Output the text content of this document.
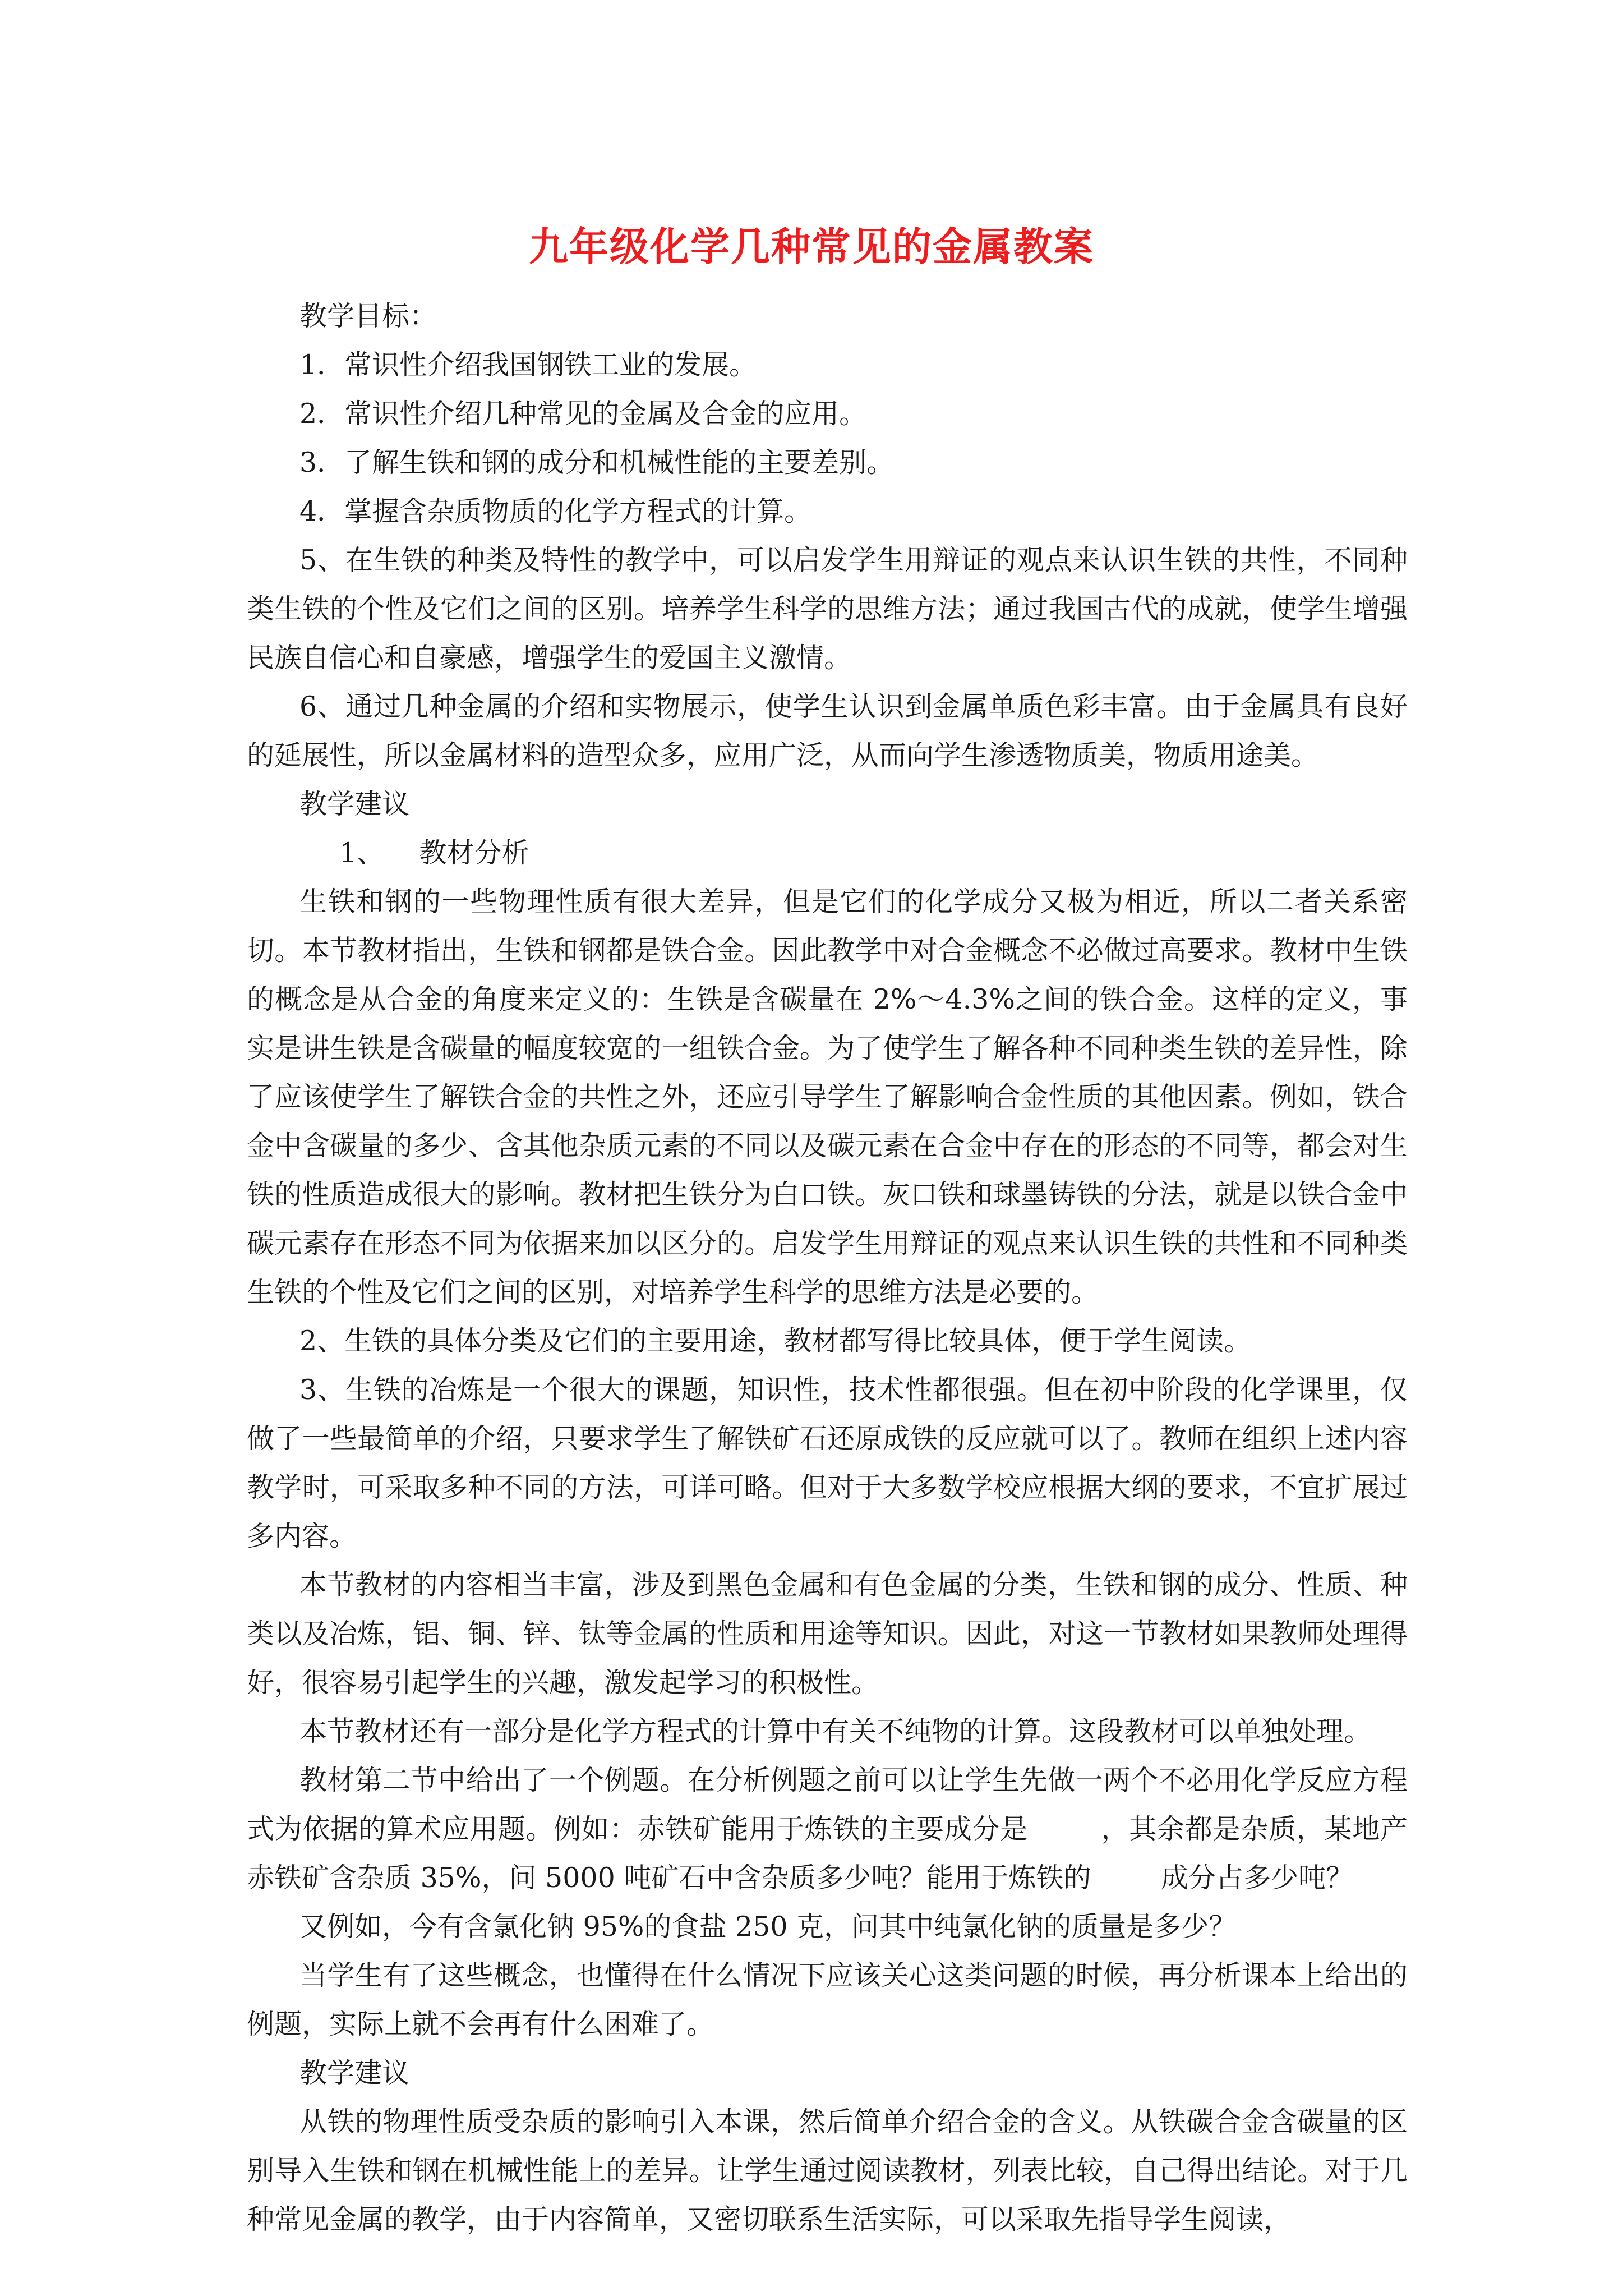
九年级化学几种常见的金属教案

教学目标：

1．常识性介绍我国钢铁工业的发展。

2．常识性介绍几种常见的金属及合金的应用。

3．了解生铁和钢的成分和机械性能的主要差别。

4．掌握含杂质物质的化学方程式的计算。

5、在生铁的种类及特性的教学中，可以启发学生用辩证的观点来认识生铁的共性，不同种类生铁的个性及它们之间的区别。培养学生科学的思维方法；通过我国古代的成就，使学生增强民族自信心和自豪感，增强学生的爱国主义激情。

6、通过几种金属的介绍和实物展示，使学生认识到金属单质色彩丰富。由于金属具有良好的延展性，所以金属材料的造型众多，应用广泛，从而向学生渗透物质美，物质用途美。

教学建议

1、    教材分析

生铁和钢的一些物理性质有很大差异，但是它们的化学成分又极为相近，所以二者关系密切。本节教材指出，生铁和钢都是铁合金。因此教学中对合金概念不必做过高要求。教材中生铁的概念是从合金的角度来定义的：生铁是含碳量在 2%～4.3%之间的铁合金。这样的定义，事实是讲生铁是含碳量的幅度较宽的一组铁合金。为了使学生了解各种不同种类生铁的差异性，除了应该使学生了解铁合金的共性之外，还应引导学生了解影响合金性质的其他因素。例如，铁合金中含碳量的多少、含其他杂质元素的不同以及碳元素在合金中存在的形态的不同等，都会对生铁的性质造成很大的影响。教材把生铁分为白口铁。灰口铁和球墨铸铁的分法，就是以铁合金中碳元素存在形态不同为依据来加以区分的。启发学生用辩证的观点来认识生铁的共性和不同种类生铁的个性及它们之间的区别，对培养学生科学的思维方法是必要的。

2、生铁的具体分类及它们的主要用途，教材都写得比较具体，便于学生阅读。

3、生铁的冶炼是一个很大的课题，知识性，技术性都很强。但在初中阶段的化学课里，仅做了一些最简单的介绍，只要求学生了解铁矿石还原成铁的反应就可以了。教师在组织上述内容教学时，可采取多种不同的方法，可详可略。但对于大多数学校应根据大纲的要求，不宜扩展过多内容。

本节教材的内容相当丰富，涉及到黑色金属和有色金属的分类，生铁和钢的成分、性质、种类以及冶炼，铝、铜、锌、钛等金属的性质和用途等知识。因此，对这一节教材如果教师处理得好，很容易引起学生的兴趣，激发起学习的积极性。

本节教材还有一部分是化学方程式的计算中有关不纯物的计算。这段教材可以单独处理。

教材第二节中给出了一个例题。在分析例题之前可以让学生先做一两个不必用化学反应方程式为依据的算术应用题。例如：赤铁矿能用于炼铁的主要成分是        ，其余都是杂质，某地产赤铁矿含杂质 35%，问 5000 吨矿石中含杂质多少吨？能用于炼铁的        成分占多少吨？

又例如，今有含氯化钠 95%的食盐 250 克，问其中纯氯化钠的质量是多少？

当学生有了这些概念，也懂得在什么情况下应该关心这类问题的时候，再分析课本上给出的例题，实际上就不会再有什么困难了。

教学建议

从铁的物理性质受杂质的影响引入本课，然后简单介绍合金的含义。从铁碳合金含碳量的区别导入生铁和钢在机械性能上的差异。让学生通过阅读教材，列表比较，自己得出结论。对于几种常见金属的教学，由于内容简单，又密切联系生活实际，可以采取先指导学生阅读，
